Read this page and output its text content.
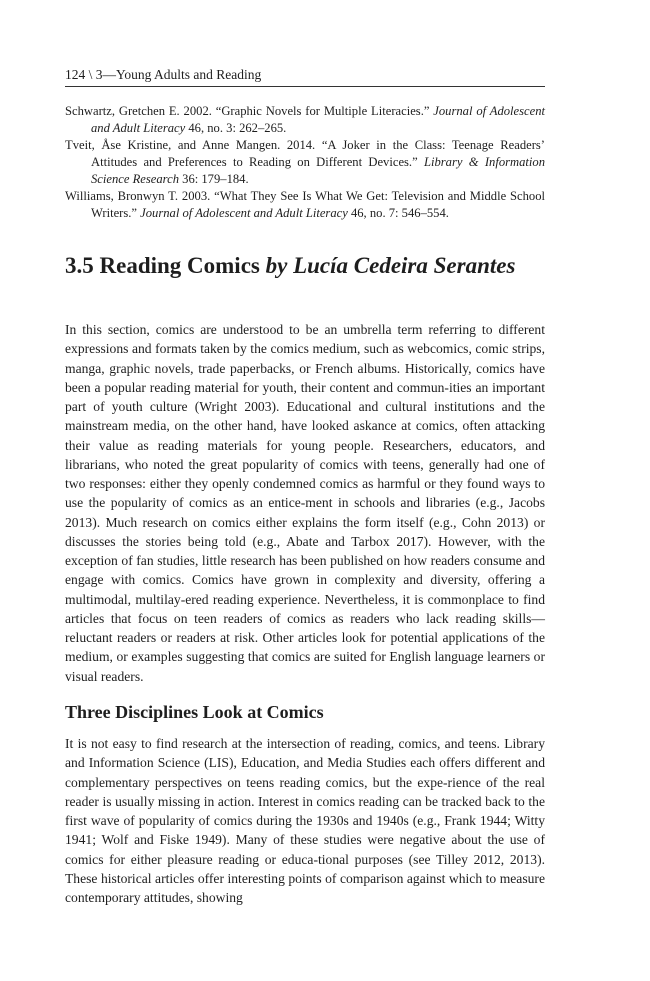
124 \ 3—Young Adults and Reading

Schwartz, Gretchen E. 2002. “Graphic Novels for Multiple Literacies.” Journal of Adolescent and Adult Literacy 46, no. 3: 262–265.

Tveit, Åse Kristine, and Anne Mangen. 2014. “A Joker in the Class: Teenage Readers’ Attitudes and Preferences to Reading on Different Devices.” Library & Information Science Research 36: 179–184.

Williams, Bronwyn T. 2003. “What They See Is What We Get: Television and Middle School Writers.” Journal of Adolescent and Adult Literacy 46, no. 7: 546–554.

3.5 Reading Comics by Lucía Cedeira Serantes

In this section, comics are understood to be an umbrella term referring to different expressions and formats taken by the comics medium, such as webcomics, comic strips, manga, graphic novels, trade paperbacks, or French albums. Historically, comics have been a popular reading material for youth, their content and commun-ities an important part of youth culture (Wright 2003). Educational and cultural institutions and the mainstream media, on the other hand, have looked askance at comics, often attacking their value as reading materials for young people. Researchers, educators, and librarians, who noted the great popularity of comics with teens, generally had one of two responses: either they openly condemned comics as harmful or they found ways to use the popularity of comics as an entice-ment in schools and libraries (e.g., Jacobs 2013). Much research on comics either explains the form itself (e.g., Cohn 2013) or discusses the stories being told (e.g., Abate and Tarbox 2017). However, with the exception of fan studies, little research has been published on how readers consume and engage with comics. Comics have grown in complexity and diversity, offering a multimodal, multilay-ered reading experience. Nevertheless, it is commonplace to find articles that focus on teen readers of comics as readers who lack reading skills—reluctant readers or readers at risk. Other articles look for potential applications of the medium, or examples suggesting that comics are suited for English language learners or visual readers.

Three Disciplines Look at Comics

It is not easy to find research at the intersection of reading, comics, and teens. Library and Information Science (LIS), Education, and Media Studies each offers different and complementary perspectives on teens reading comics, but the expe-rience of the real reader is usually missing in action. Interest in comics reading can be tracked back to the first wave of popularity of comics during the 1930s and 1940s (e.g., Frank 1944; Witty 1941; Wolf and Fiske 1949). Many of these studies were negative about the use of comics for either pleasure reading or educa-tional purposes (see Tilley 2012, 2013). These historical articles offer interesting points of comparison against which to measure contemporary attitudes, showing
